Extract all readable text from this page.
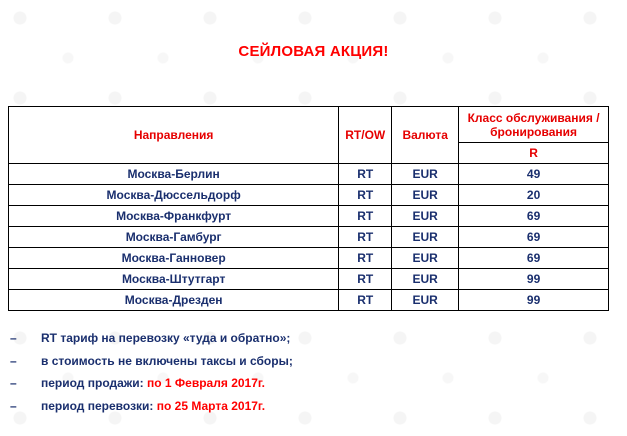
СЕЙЛОВАЯ АКЦИЯ!
Направления	RT/OW	Валюта	Класс обслуживания / бронирования
			R
Москва-Берлин	RT	EUR	49
Москва-Дюссельдорф	RT	EUR	20
Москва-Франкфурт	RT	EUR	69
Москва-Гамбург	RT	EUR	69
Москва-Ганновер	RT	EUR	69
Москва-Штутгарт	RT	EUR	99
Москва-Дрезден	RT	EUR	99
–	RT тариф на перевозку «туда и обратно»;
–	в стоимость не включены таксы и сборы;
–	период продажи: по 1 Февраля 2017г.
–	период перевозки: по 25 Марта 2017г.
